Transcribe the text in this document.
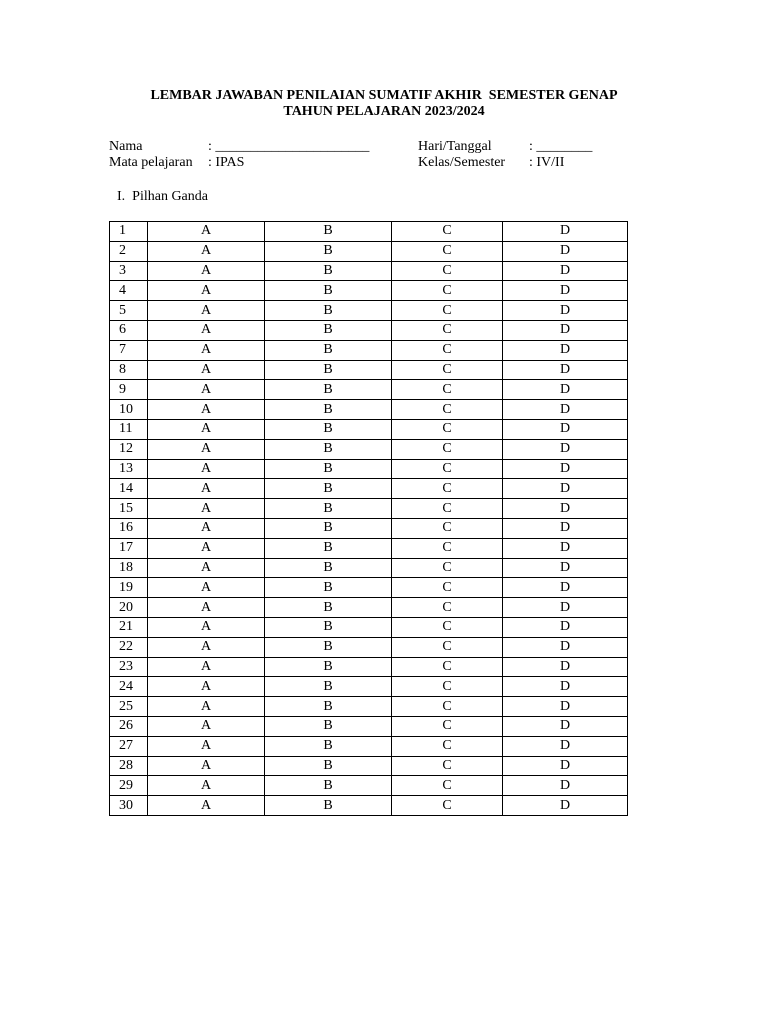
LEMBAR JAWABAN PENILAIAN SUMATIF AKHIR  SEMESTER GENAP
TAHUN PELAJARAN 2023/2024
Nama	: ______________________
Mata pelajaran : IPAS
Hari/Tanggal	: ________
Kelas/Semester : IV/II
I.  Pilhan Ganda
1	A	B	C	D
2	A	B	C	D
3	A	B	C	D
4	A	B	C	D
5	A	B	C	D
6	A	B	C	D
7	A	B	C	D
8	A	B	C	D
9	A	B	C	D
10	A	B	C	D
11	A	B	C	D
12	A	B	C	D
13	A	B	C	D
14	A	B	C	D
15	A	B	C	D
16	A	B	C	D
17	A	B	C	D
18	A	B	C	D
19	A	B	C	D
20	A	B	C	D
21	A	B	C	D
22	A	B	C	D
23	A	B	C	D
24	A	B	C	D
25	A	B	C	D
26	A	B	C	D
27	A	B	C	D
28	A	B	C	D
29	A	B	C	D
30	A	B	C	D
